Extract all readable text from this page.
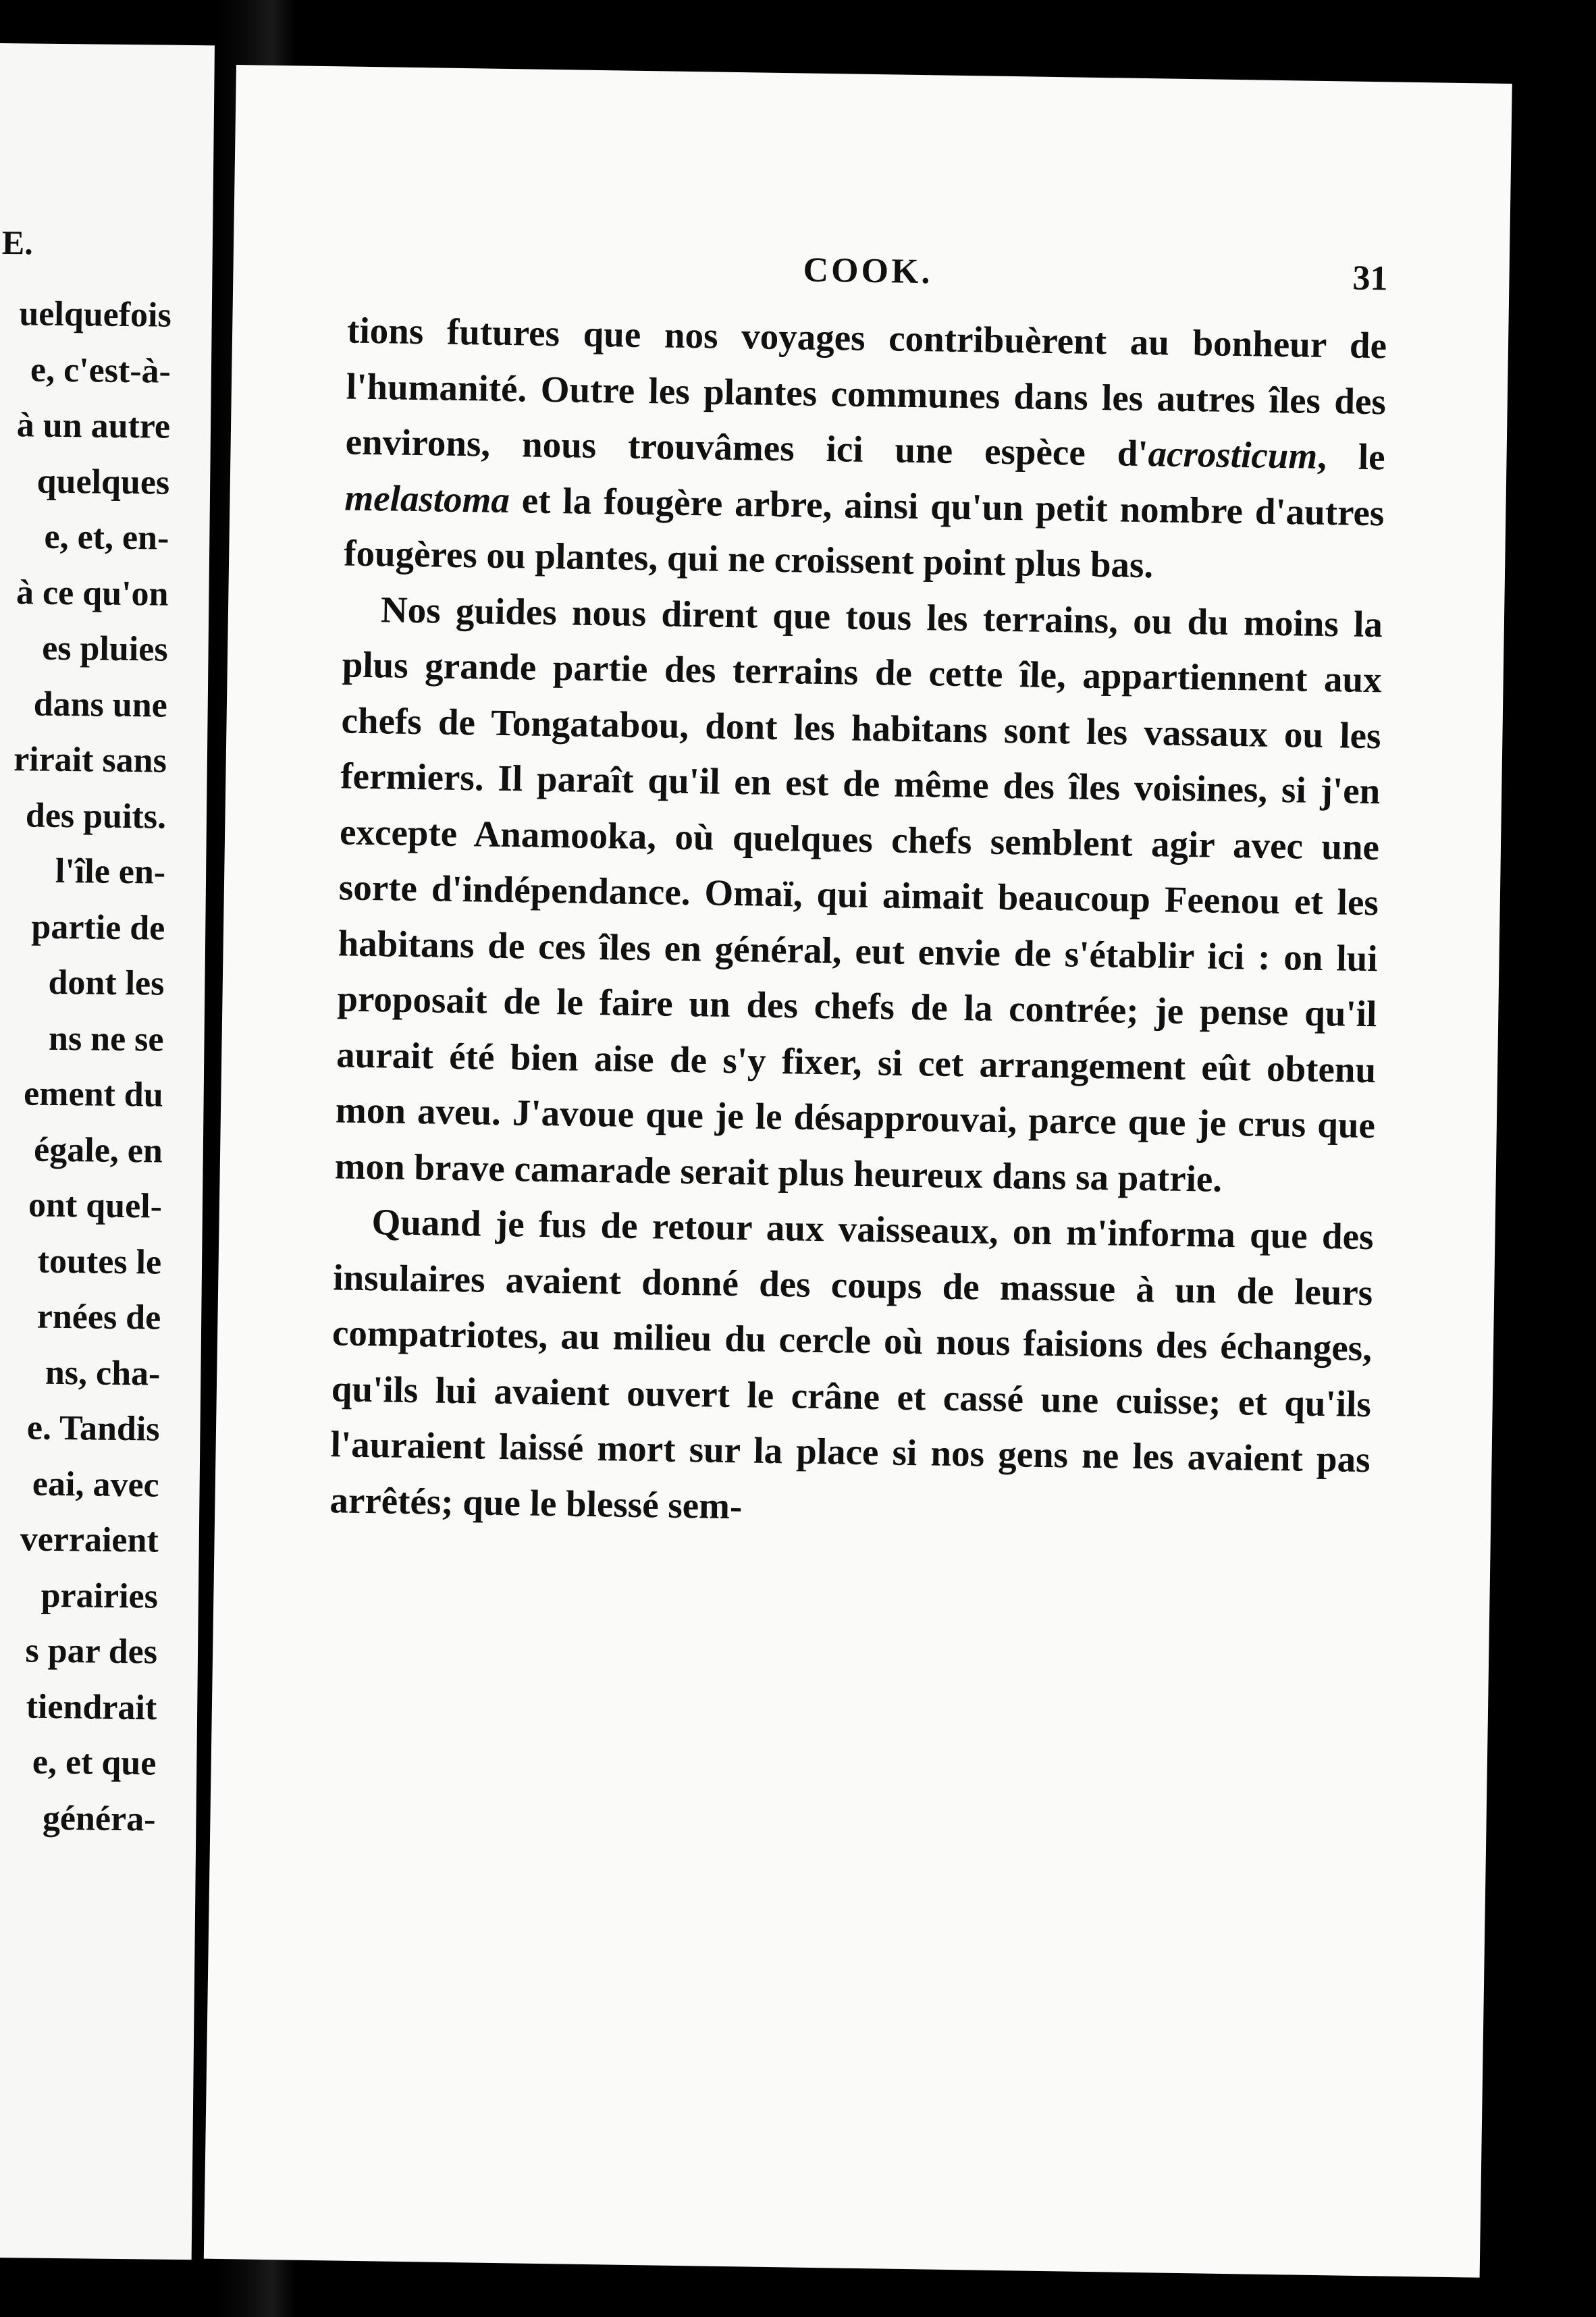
E.
uelquefois
e, c'est-à-
à un autre
quelques
e, et, en-
à ce qu'on
es pluies
dans une
rirait sans
des puits.
l'île en-
partie de
dont les
ns ne se
ement du
égale, en
ont quel-
toutes le
rnées de
ns, cha-
e. Tandis
eai, avec
verraient
prairies
s par des
tiendrait
e, et que
généra-
COOK.	31

tions futures que nos voyages contribuèrent au bonheur de l'humanité. Outre les plantes communes dans les autres îles des environs, nous trouvâmes ici une espèce d'acrosticum, le melastoma et la fougère arbre, ainsi qu'un petit nombre d'autres fougères ou plantes, qui ne croissent point plus bas.

Nos guides nous dirent que tous les terrains, ou du moins la plus grande partie des terrains de cette île, appartiennent aux chefs de Tongatabou, dont les habitans sont les vassaux ou les fermiers. Il paraît qu'il en est de même des îles voisines, si j'en excepte Anamooka, où quelques chefs semblent agir avec une sorte d'indépendance. Omaï, qui aimait beaucoup Feenou et les habitans de ces îles en général, eut envie de s'établir ici : on lui proposait de le faire un des chefs de la contrée; je pense qu'il aurait été bien aise de s'y fixer, si cet arrangement eût obtenu mon aveu. J'avoue que je le désapprouvai, parce que je crus que mon brave camarade serait plus heureux dans sa patrie.

Quand je fus de retour aux vaisseaux, on m'informa que des insulaires avaient donné des coups de massue à un de leurs compatriotes, au milieu du cercle où nous faisions des échanges, qu'ils lui avaient ouvert le crâne et cassé une cuisse; et qu'ils l'auraient laissé mort sur la place si nos gens ne les avaient pas arrêtés; que le blessé sem-
